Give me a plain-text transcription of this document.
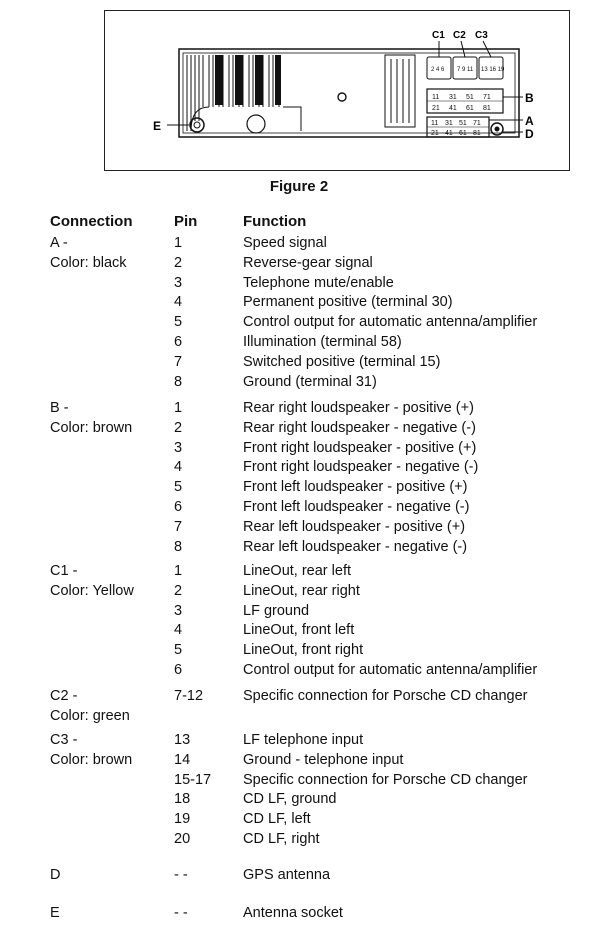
E
2 4 6 7 9 11 13 16 19
C1 C2 C3
11 31 51 71
21 41 61 81
B
11 31 51 71
21 41 61 81
A
D
Figure 2
Connection	Pin	Function
A -
Color: black
1	Speed signal
2	Reverse-gear signal
3	Telephone mute/enable
4	Permanent positive (terminal 30)
5	Control output for automatic antenna/amplifier
6	Illumination (terminal 58)
7	Switched positive (terminal 15)
8	Ground (terminal 31)
B -
Color: brown
1	Rear right loudspeaker - positive (+)
2	Rear right loudspeaker - negative (-)
3	Front right loudspeaker - positive (+)
4	Front right loudspeaker - negative (-)
5	Front left loudspeaker - positive (+)
6	Front left loudspeaker - negative (-)
7	Rear left loudspeaker - positive (+)
8	Rear left loudspeaker - negative (-)
C1 -
Color: Yellow
1	LineOut, rear left
2	LineOut, rear right
3	LF ground
4	LineOut, front left
5	LineOut, front right
6	Control output for automatic antenna/amplifier
C2 -
Color: green
7-12	Specific connection for Porsche CD changer
C3 -
Color: brown
13	LF telephone input
14	Ground - telephone input
15-17 Specific connection for Porsche CD changer
18	CD LF, ground
19	CD LF, left
20	CD LF, right
D	- -	GPS antenna
E	- -	Antenna socket
